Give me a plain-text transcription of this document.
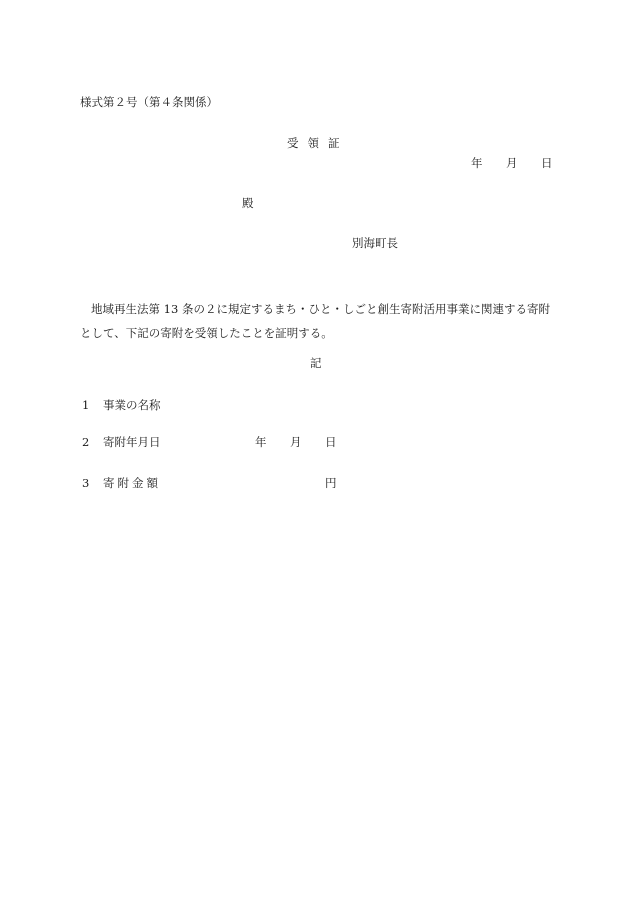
様式第２号（第４条関係）
受領証
年 月 日
殿
別海町長

地域再生法第 13 条の２に規定するまち・ひと・しごと創生寄附活用事業に関連する寄附

として、下記の寄附を受領したことを証明する。

記
1 事業の名称
2 寄附年月日	年 月 日
3 寄附金額	円
